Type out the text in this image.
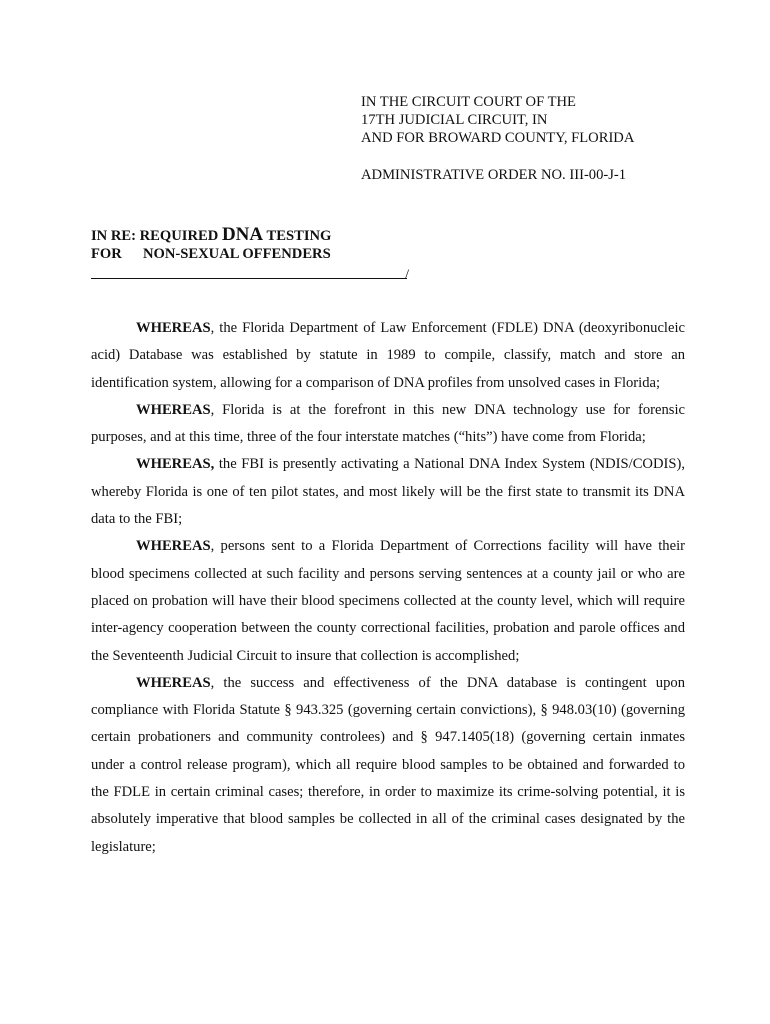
IN THE CIRCUIT COURT OF THE
17TH JUDICIAL CIRCUIT, IN
AND FOR BROWARD COUNTY, FLORIDA
ADMINISTRATIVE ORDER NO. III-00-J-1
IN RE: REQUIRED DNA TESTING
FOR NON-SEXUAL OFFENDERS
/

WHEREAS, the Florida Department of Law Enforcement (FDLE) DNA (deoxyribonucleic acid) Database was established by statute in 1989 to compile, classify, match and store an identification system, allowing for a comparison of DNA profiles from unsolved cases in Florida;

WHEREAS, Florida is at the forefront in this new DNA technology use for forensic purposes, and at this time, three of the four interstate matches (“hits”) have come from Florida;

WHEREAS, the FBI is presently activating a National DNA Index System (NDIS/CODIS), whereby Florida is one of ten pilot states, and most likely will be the first state to transmit its DNA data to the FBI;

WHEREAS, persons sent to a Florida Department of Corrections facility will have their blood specimens collected at such facility and persons serving sentences at a county jail or who are placed on probation will have their blood specimens collected at the county level, which will require inter-agency cooperation between the county correctional facilities, probation and parole offices and the Seventeenth Judicial Circuit to insure that collection is accomplished;

WHEREAS, the success and effectiveness of the DNA database is contingent upon compliance with Florida Statute § 943.325 (governing certain convictions), § 948.03(10) (governing certain probationers and community controlees) and § 947.1405(18) (governing certain inmates under a control release program), which all require blood samples to be obtained and forwarded to the FDLE in certain criminal cases; therefore, in order to maximize its crime-solving potential, it is absolutely imperative that blood samples be collected in all of the criminal cases designated by the legislature;
